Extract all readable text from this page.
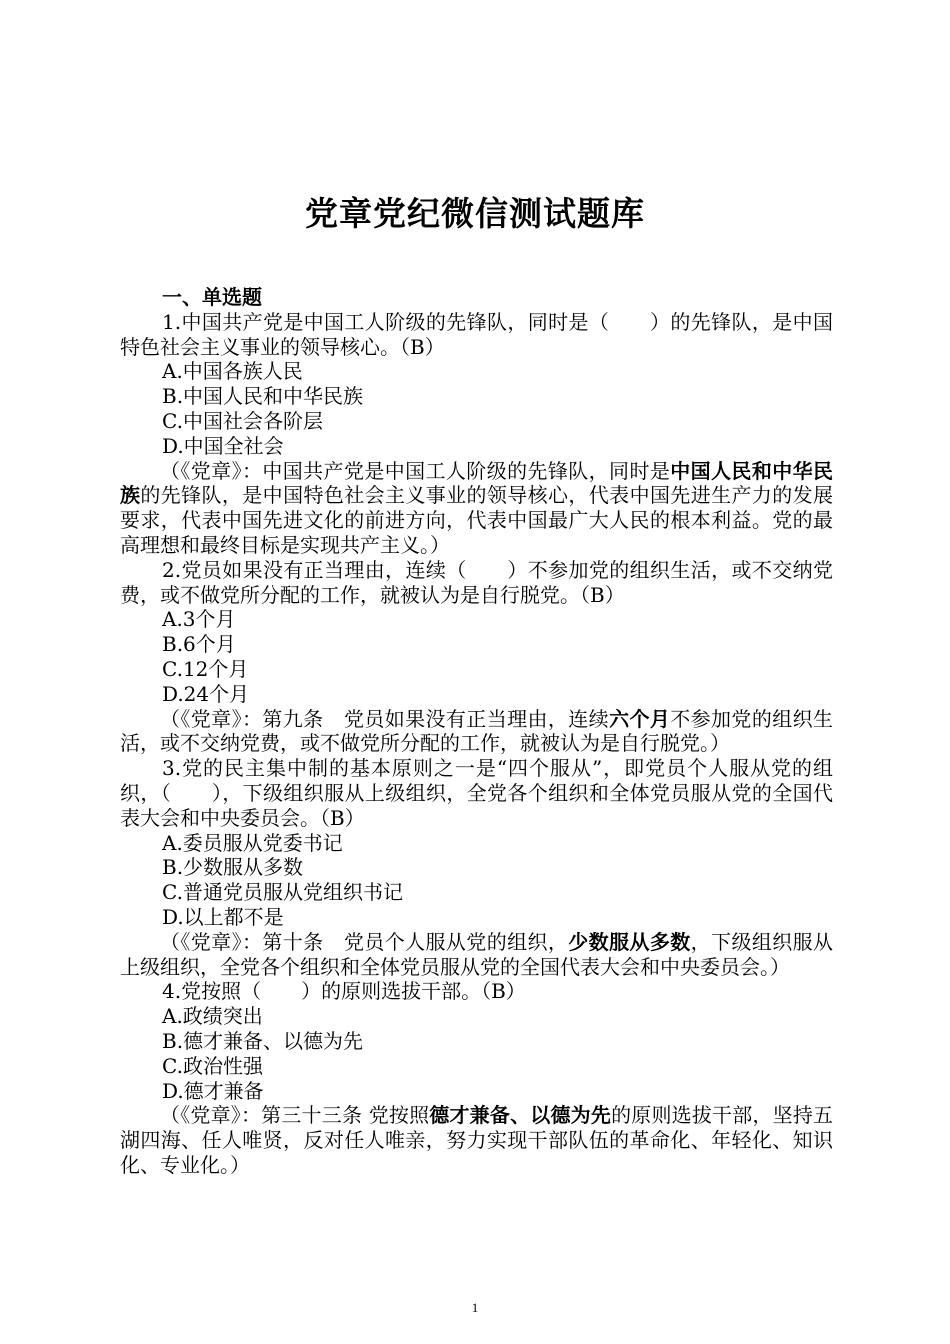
党章党纪微信测试题库
一、单选题
1.中国共产党是中国工人阶级的先锋队，同时是（　　）的先锋队，是中国特色社会主义事业的领导核心。（B）
A.中国各族人民
B.中国人民和中华民族
C.中国社会各阶层
D.中国全社会
（《党章》：中国共产党是中国工人阶级的先锋队，同时是中国人民和中华民族的先锋队，是中国特色社会主义事业的领导核心，代表中国先进生产力的发展要求，代表中国先进文化的前进方向，代表中国最广大人民的根本利益。党的最高理想和最终目标是实现共产主义。）
2.党员如果没有正当理由，连续（　　）不参加党的组织生活，或不交纳党费，或不做党所分配的工作，就被认为是自行脱党。（B）
A.3个月
B.6个月
C.12个月
D.24个月
（《党章》：第九条　党员如果没有正当理由，连续六个月不参加党的组织生活，或不交纳党费，或不做党所分配的工作，就被认为是自行脱党。）
3.党的民主集中制的基本原则之一是“四个服从”，即党员个人服从党的组织，（　　），下级组织服从上级组织，全党各个组织和全体党员服从党的全国代表大会和中央委员会。（B）
A.委员服从党委书记
B.少数服从多数
C.普通党员服从党组织书记
D.以上都不是
（《党章》：第十条　党员个人服从党的组织，少数服从多数，下级组织服从上级组织，全党各个组织和全体党员服从党的全国代表大会和中央委员会。）
4.党按照（　　）的原则选拔干部。（B）
A.政绩突出
B.德才兼备、以德为先
C.政治性强
D.德才兼备
（《党章》：第三十三条 党按照德才兼备、以德为先的原则选拔干部，坚持五湖四海、任人唯贤，反对任人唯亲，努力实现干部队伍的革命化、年轻化、知识化、专业化。）
1
